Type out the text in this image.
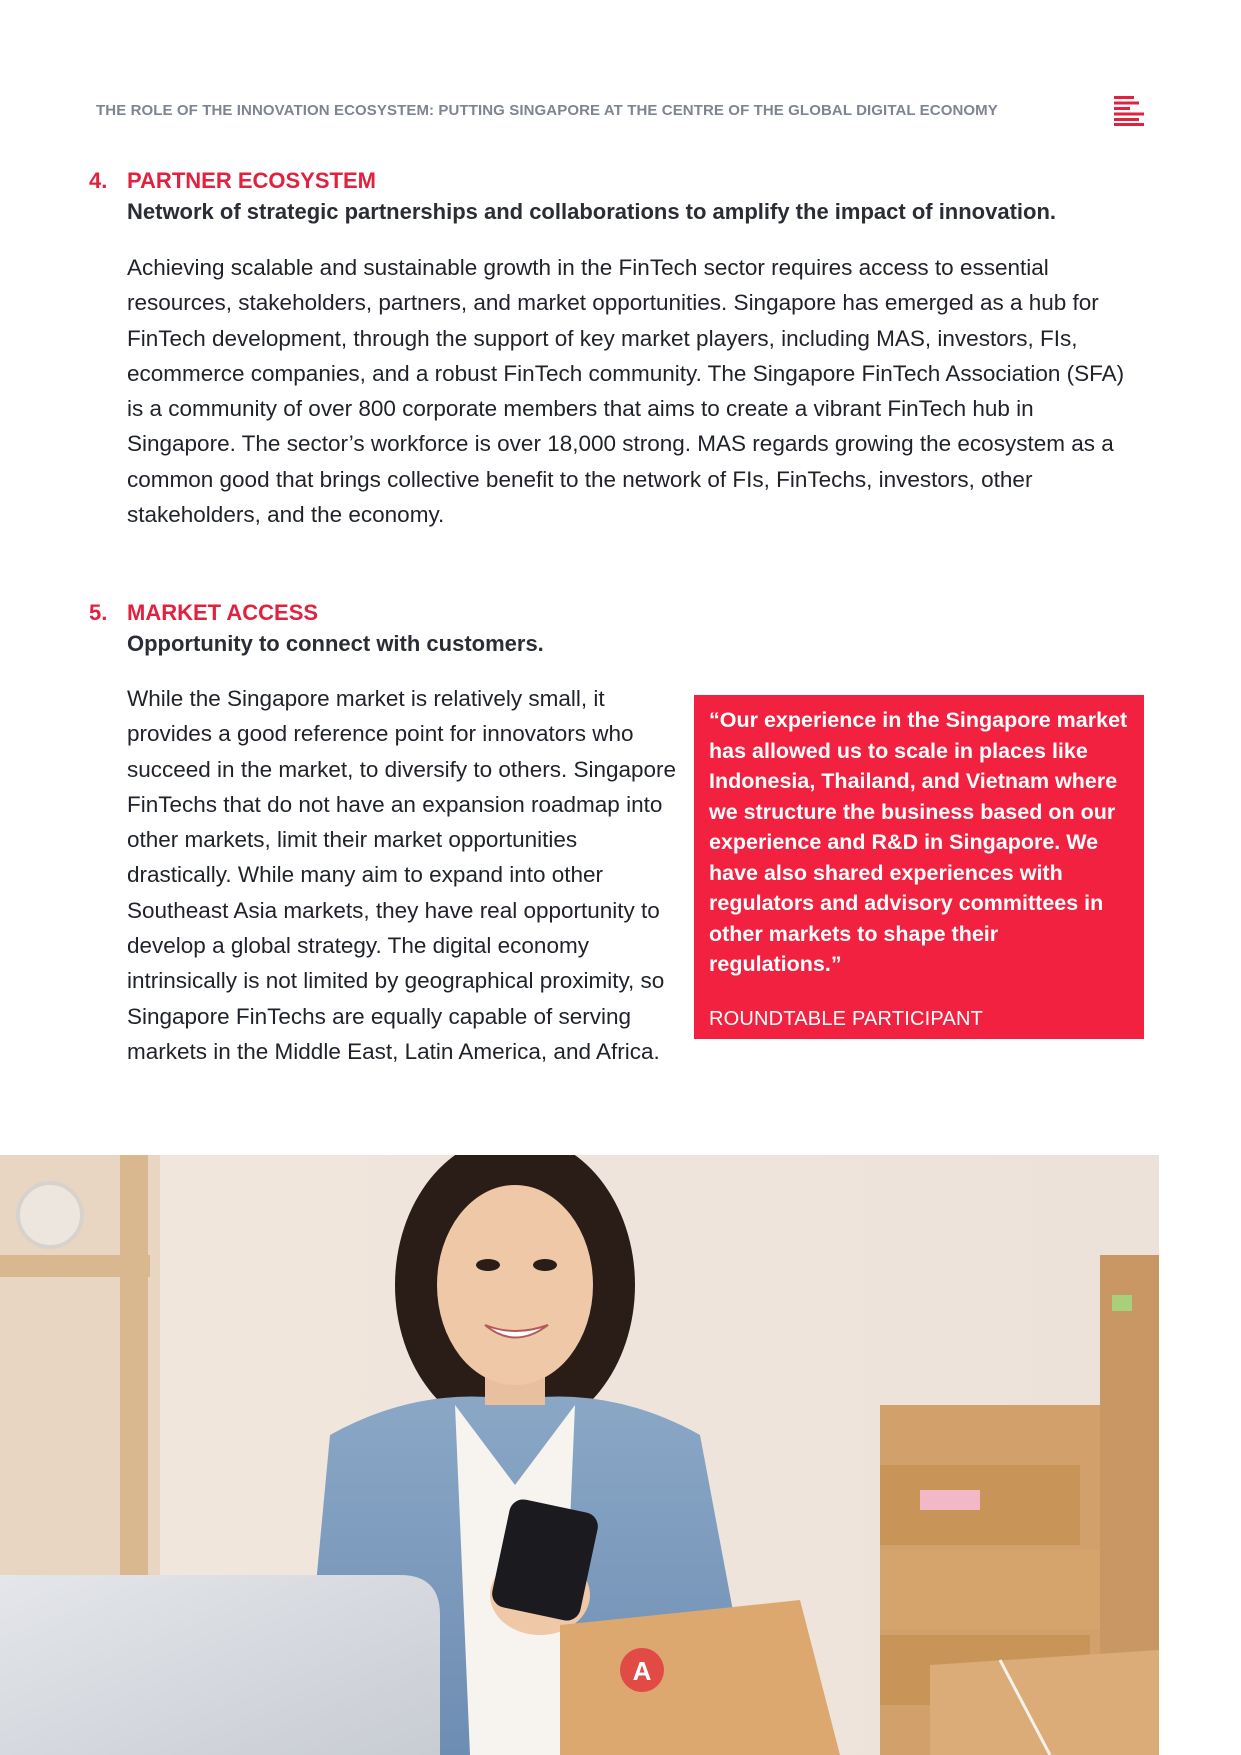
THE ROLE OF THE INNOVATION ECOSYSTEM: PUTTING SINGAPORE AT THE CENTRE OF THE GLOBAL DIGITAL ECONOMY
4. PARTNER ECOSYSTEM
Network of strategic partnerships and collaborations to amplify the impact of innovation.

Achieving scalable and sustainable growth in the FinTech sector requires access to essential resources, stakeholders, partners, and market opportunities. Singapore has emerged as a hub for FinTech development, through the support of key market players, including MAS, investors, FIs, ecommerce companies, and a robust FinTech community. The Singapore FinTech Association (SFA) is a community of over 800 corporate members that aims to create a vibrant FinTech hub in Singapore. The sector’s workforce is over 18,000 strong. MAS regards growing the ecosystem as a common good that brings collective benefit to the network of FIs, FinTechs, investors, other stakeholders, and the economy.

5. MARKET ACCESS
Opportunity to connect with customers.

While the Singapore market is relatively small, it provides a good reference point for innovators who succeed in the market, to diversify to others. Singapore FinTechs that do not have an expansion roadmap into other markets, limit their market opportunities drastically. While many aim to expand into other Southeast Asia markets, they have real opportunity to develop a global strategy. The digital economy intrinsically is not limited by geographical proximity, so Singapore FinTechs are equally capable of serving markets in the Middle East, Latin America, and Africa.

“Our experience in the Singapore market has allowed us to scale in places like Indonesia, Thailand, and Vietnam where we structure the business based on our experience and R&D in Singapore. We have also shared experiences with regulators and advisory committees in other markets to shape their regulations.”

ROUNDTABLE PARTICIPANT
A
